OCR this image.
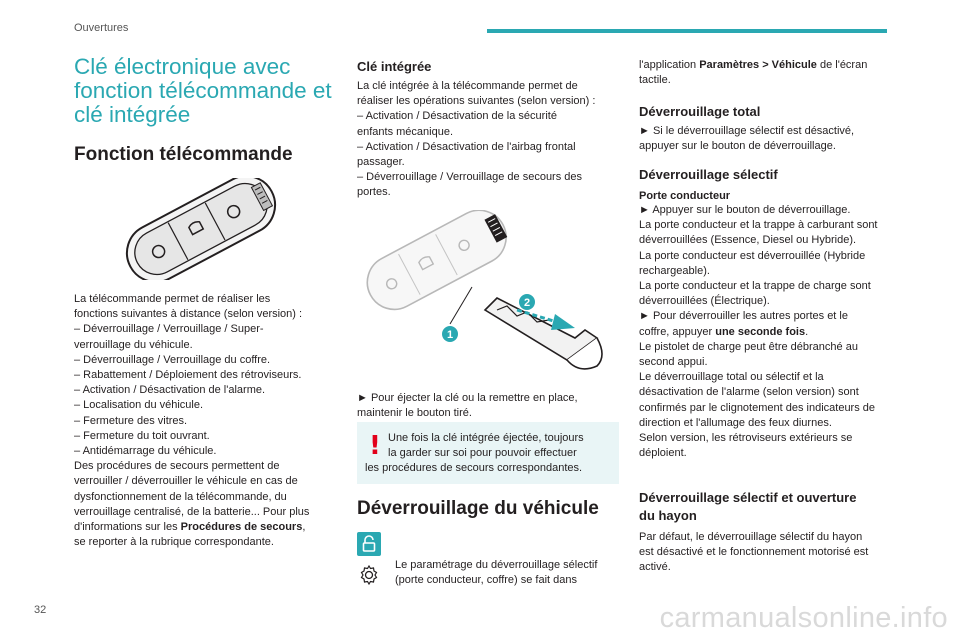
Ouvertures
Clé électronique avec
fonction télécommande et
clé intégrée
Fonction télécommande
La télécommande permet de réaliser les
fonctions suivantes à distance (selon version) :
– Déverrouillage / Verrouillage / Super-
verrouillage du véhicule.
– Déverrouillage / Verrouillage du coffre.
– Rabattement / Déploiement des rétroviseurs.
– Activation / Désactivation de l'alarme.
– Localisation du véhicule.
– Fermeture des vitres.
– Fermeture du toit ouvrant.
– Antidémarrage du véhicule.
Des procédures de secours permettent de
verrouiller / déverrouiller le véhicule en cas de
dysfonctionnement de la télécommande, du
verrouillage centralisé, de la batterie... Pour plus
d'informations sur les Procédures de secours,
se reporter à la rubrique correspondante.
Clé intégrée
La clé intégrée à la télécommande permet de
réaliser les opérations suivantes (selon version) :
– Activation / Désactivation de la sécurité
enfants mécanique.
– Activation / Désactivation de l'airbag frontal
passager.
– Déverrouillage / Verrouillage de secours des
portes.
2
1
► Pour éjecter la clé ou la remettre en place,
maintenir le bouton tiré.
! Une fois la clé intégrée éjectée, toujours
la garder sur soi pour pouvoir effectuer
les procédures de secours correspondantes.
Déverrouillage du véhicule
Le paramétrage du déverrouillage sélectif
(porte conducteur, coffre) se fait dans
l'application Paramètres > Véhicule de l'écran
tactile.
Déverrouillage total
► Si le déverrouillage sélectif est désactivé,
appuyer sur le bouton de déverrouillage.
Déverrouillage sélectif
Porte conducteur
► Appuyer sur le bouton de déverrouillage.
La porte conducteur et la trappe à carburant sont
déverrouillées (Essence, Diesel ou Hybride).
La porte conducteur est déverrouillée (Hybride
rechargeable).
La porte conducteur et la trappe de charge sont
déverrouillées (Électrique).
► Pour déverrouiller les autres portes et le
coffre, appuyer une seconde fois.
Le pistolet de charge peut être débranché au
second appui.
Le déverrouillage total ou sélectif et la
désactivation de l'alarme (selon version) sont
confirmés par le clignotement des indicateurs de
direction et l'allumage des feux diurnes.
Selon version, les rétroviseurs extérieurs se
déploient.
Déverrouillage sélectif et ouverture
du hayon
Par défaut, le déverrouillage sélectif du hayon
est désactivé et le fonctionnement motorisé est
activé.
32	carmanualsonline.info
